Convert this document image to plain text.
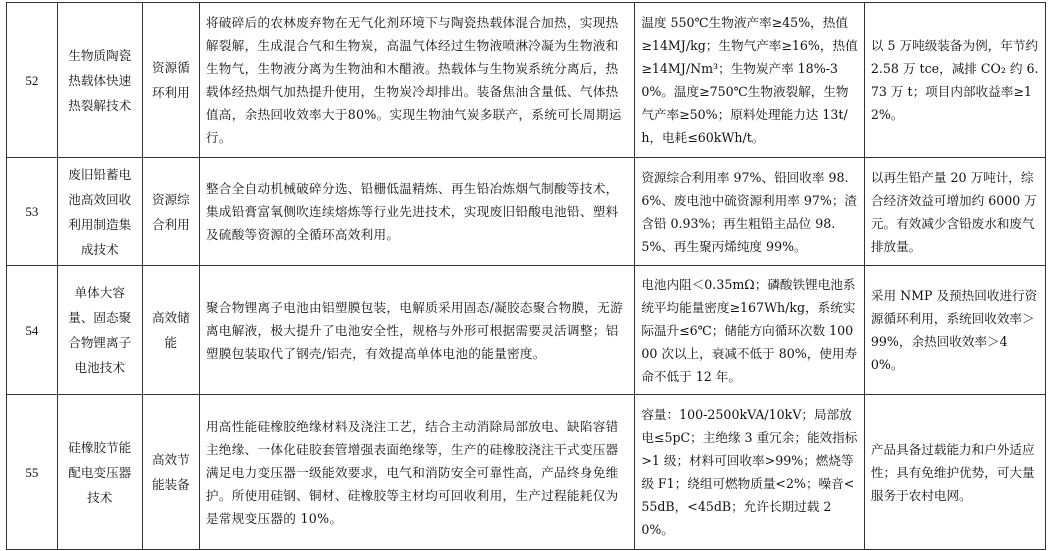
52	生物质陶瓷热载体快速热裂解技术	资源循环利用	将破碎后的农林废弃物在无气化剂环境下与陶瓷热载体混合加热，实现热解裂解，生成混合气和生物炭，高温气体经过生物液喷淋冷凝为生物液和生物气，生物液分离为生物油和木醋液。热载体与生物炭系统分离后，热载体经热烟气加热提升使用，生物炭冷却排出。装备焦油含量低、气体热值高，余热回收效率大于80%。实现生物油气炭多联产，系统可长周期运行。	温度 550℃生物液产率≥45%，热值≥14MJ/kg；生物气产率≥16%，热值≥14MJ/Nm³；生物炭产率 18%-30%。温度≥750℃生物液裂解，生物气产率≥50%；原料处理能力达 13t/h，电耗≤60kWh/t。	以 5 万吨级装备为例，年节约 2.58 万 tce，减排 CO₂ 约 6.73 万 t；项目内部收益率≥12%。
53	废旧铅蓄电池高效回收利用制造集成技术	资源综合利用	整合全自动机械破碎分选、铅栅低温精炼、再生铅冶炼烟气制酸等技术，集成铅膏富氧侧吹连续熔炼等行业先进技术，实现废旧铅酸电池铅、塑料及硫酸等资源的全循环高效利用。	资源综合利用率 97%、铅回收率 98.6%、废电池中硫资源利用率 97%；渣含铅 0.93%；再生粗铅主品位 98.5%、再生聚丙烯纯度 99%。	以再生铅产量 20 万吨计，综合经济效益可增加约 6000 万元。有效减少含铅废水和废气排放量。
54	单体大容量、固态聚合物锂离子电池技术	高效储能	聚合物锂离子电池由铝塑膜包装，电解质采用固态/凝胶态聚合物膜，无游离电解液，极大提升了电池安全性，规格与外形可根据需要灵活调整；铝塑膜包装取代了钢壳/铝壳，有效提高单体电池的能量密度。	电池内阻＜0.35mΩ；磷酸铁锂电池系统平均能量密度≥167Wh/kg，系统实际温升≤6℃；储能方向循环次数 10000 次以上，衰减不低于 80%，使用寿命不低于 12 年。	采用 NMP 及预热回收进行资源循环利用，系统回收效率＞99%，余热回收效率＞40%。
55	硅橡胶节能配电变压器技术	高效节能装备	用高性能硅橡胶绝缘材料及浇注工艺，结合主动消除局部放电、缺陷容错主绝缘、一体化硅胶套管增强表面绝缘等，生产的硅橡胶浇注干式变压器满足电力变压器一级能效要求，电气和消防安全可靠性高，产品终身免维护。所使用硅钢、铜材、硅橡胶等主材均可回收利用，生产过程能耗仅为是常规变压器的 10%。	容量：100-2500kVA/10kV；局部放电≤5pC；主绝缘 3 重冗余；能效指标>1 级；材料可回收率>99%；燃烧等级 F1；绕组可燃物质量<2%；噪音<55dB，<45dB；允许长期过载 20%。	产品具备过载能力和户外适应性；具有免维护优势，可大量服务于农村电网。
